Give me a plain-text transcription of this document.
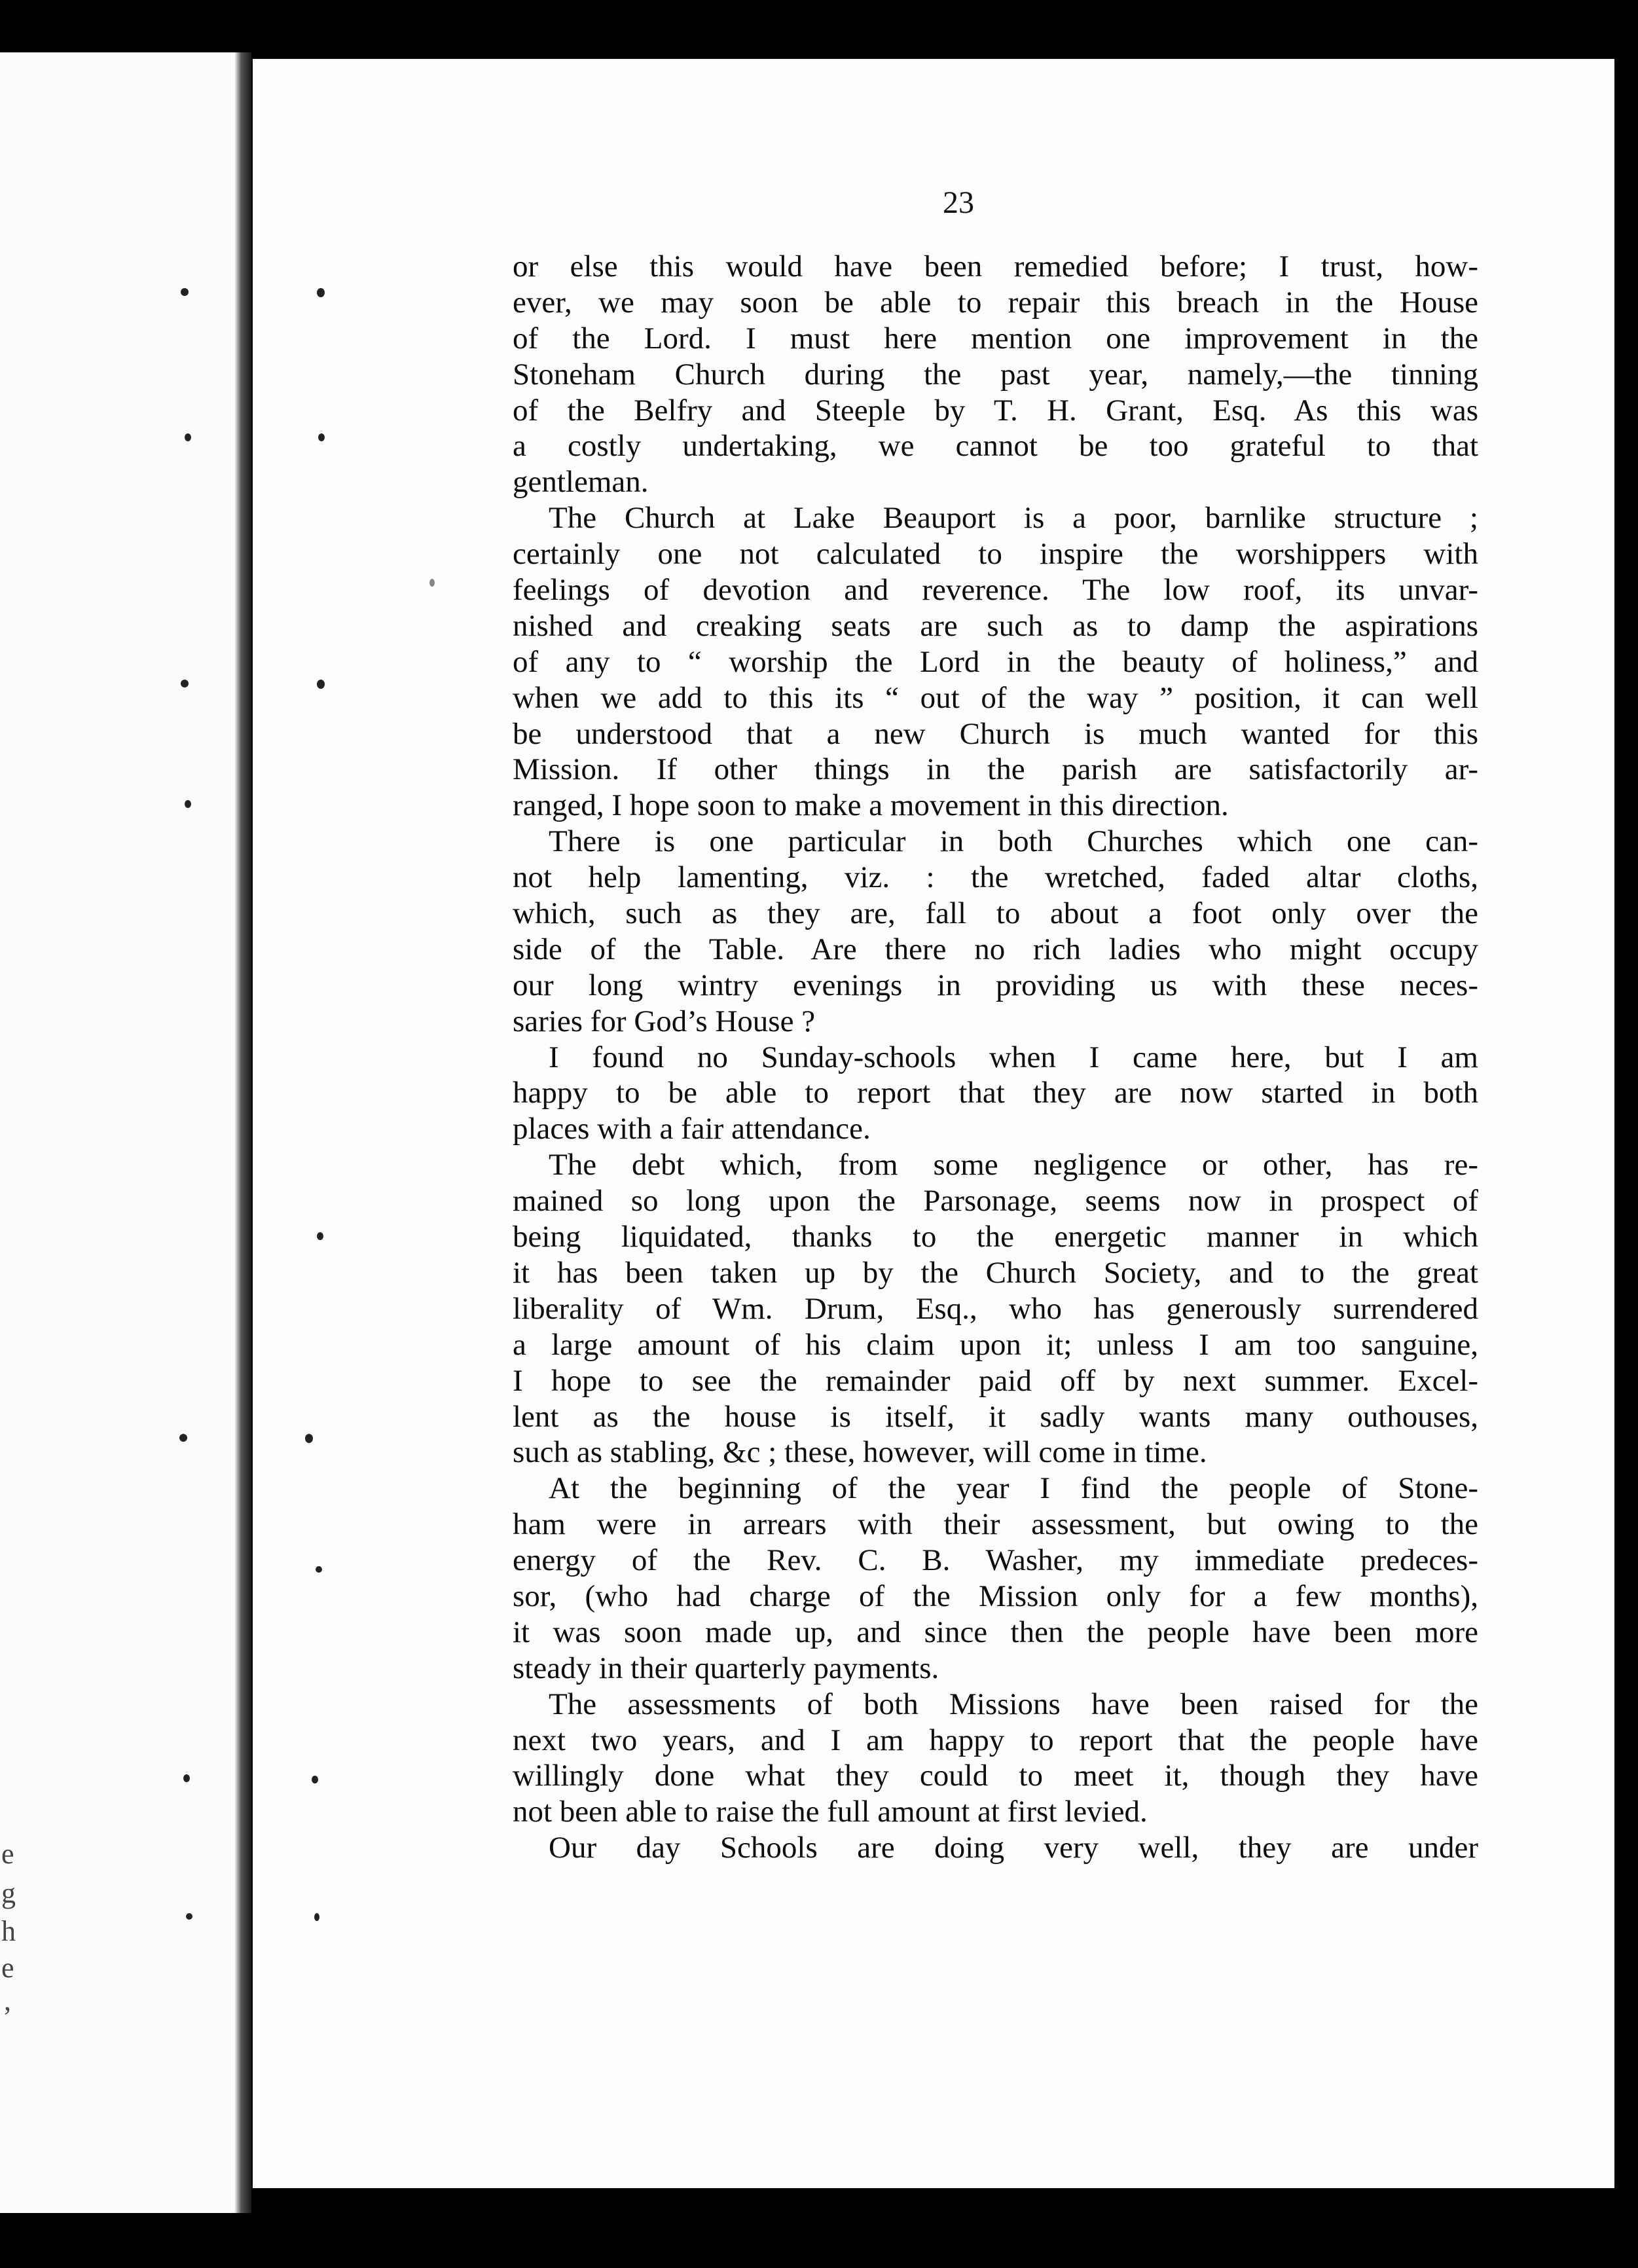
e
g
h
e
,
23
or else this would have been remedied before; I trust, how-
ever, we may soon be able to repair this breach in the House
of the Lord. I must here mention one improvement in the
Stoneham Church during the past year, namely,—the tinning
of the Belfry and Steeple by T. H. Grant, Esq. As this was
a costly undertaking, we cannot be too grateful to that
gentleman.
The Church at Lake Beauport is a poor, barnlike structure ;
certainly one not calculated to inspire the worshippers with
feelings of devotion and reverence. The low roof, its unvar-
nished and creaking seats are such as to damp the aspirations
of any to “ worship the Lord in the beauty of holiness,” and
when we add to this its “ out of the way ” position, it can well
be understood that a new Church is much wanted for this
Mission. If other things in the parish are satisfactorily ar-
ranged, I hope soon to make a movement in this direction.
There is one particular in both Churches which one can-
not help lamenting, viz. : the wretched, faded altar cloths,
which, such as they are, fall to about a foot only over the
side of the Table. Are there no rich ladies who might occupy
our long wintry evenings in providing us with these neces-
saries for God’s House ?
I found no Sunday-schools when I came here, but I am
happy to be able to report that they are now started in both
places with a fair attendance.
The debt which, from some negligence or other, has re-
mained so long upon the Parsonage, seems now in prospect of
being liquidated, thanks to the energetic manner in which
it has been taken up by the Church Society, and to the great
liberality of Wm. Drum, Esq., who has generously surrendered
a large amount of his claim upon it; unless I am too sanguine,
I hope to see the remainder paid off by next summer. Excel-
lent as the house is itself, it sadly wants many outhouses,
such as stabling, &c ; these, however, will come in time.
At the beginning of the year I find the people of Stone-
ham were in arrears with their assessment, but owing to the
energy of the Rev. C. B. Washer, my immediate predeces-
sor, (who had charge of the Mission only for a few months),
it was soon made up, and since then the people have been more
steady in their quarterly payments.
The assessments of both Missions have been raised for the
next two years, and I am happy to report that the people have
willingly done what they could to meet it, though they have
not been able to raise the full amount at first levied.
Our day Schools are doing very well, they are under
